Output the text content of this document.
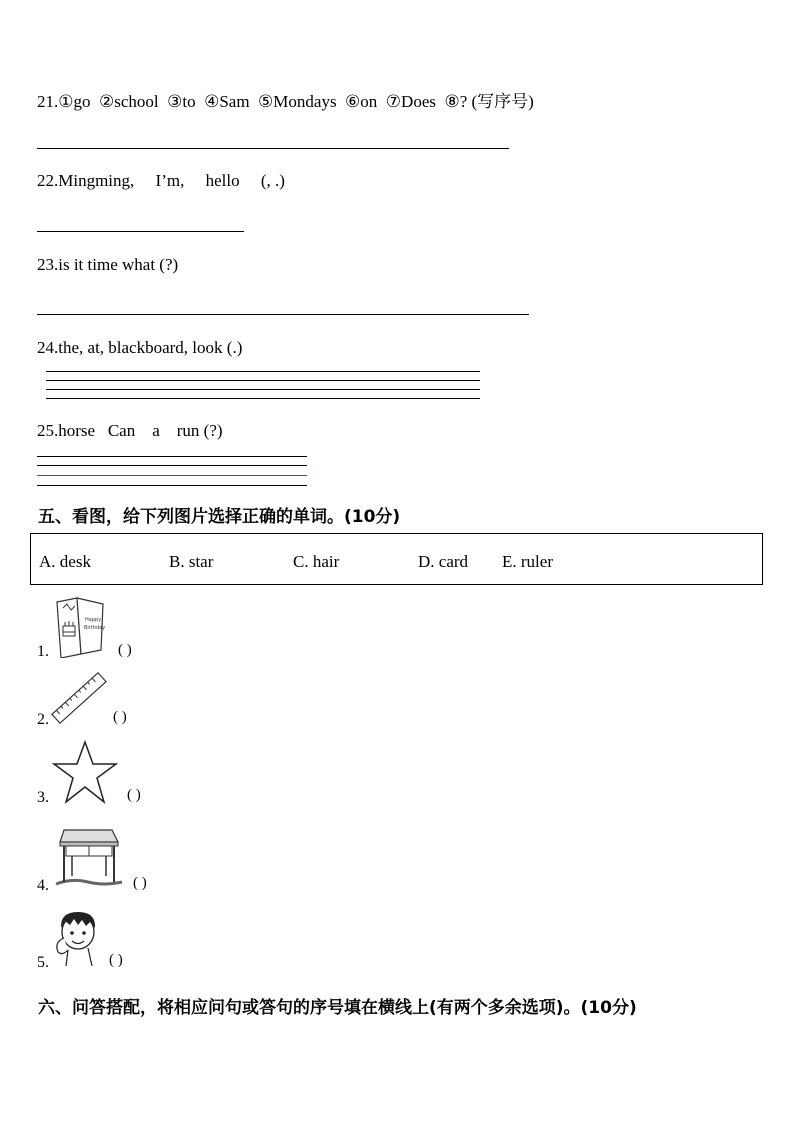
21.①go  ②school  ③to  ④Sam  ⑤Mondays  ⑥on  ⑦Does  ⑧? (写序号)
22.Mingming,     I’m,     hello     (, .)
23.is it time what (?)
24.the, at, blackboard, look (.)
25.horse   Can    a    run (?)
五、看图，给下列图片选择正确的单词。(10分)
A. desk	B. star	C. hair	D. card E. ruler
1.
Happy
Birthday
( )
2.	( )
3.	( )
4.	( )
5.	( )
六、问答搭配，将相应问句或答句的序号填在横线上(有两个多余选项)。(10分)
